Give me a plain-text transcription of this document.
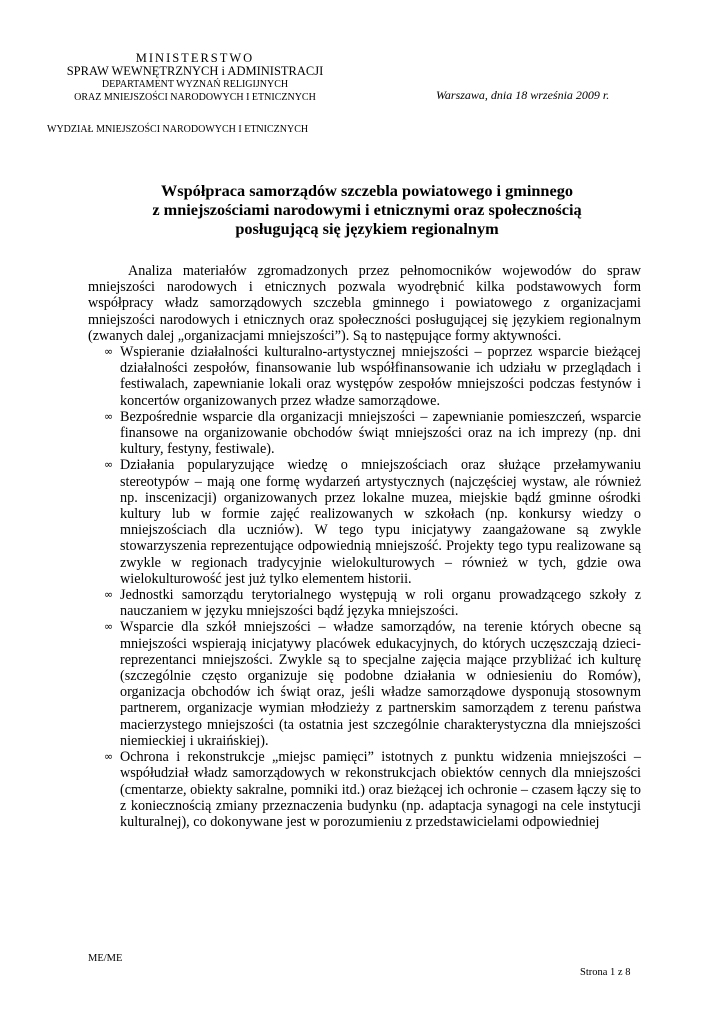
MINISTERSTWO
SPRAW WEWNĘTRZNYCH i ADMINISTRACJI
DEPARTAMENT WYZNAŃ RELIGIJNYCH
ORAZ MNIEJSZOŚCI NARODOWYCH I ETNICZNYCH	Warszawa, dnia 18 września 2009 r.
WYDZIAŁ MNIEJSZOŚCI NARODOWYCH I ETNICZNYCH
Współpraca samorządów szczebla powiatowego i gminnego
z mniejszościami narodowymi i etnicznymi oraz społecznością
posługującą się językiem regionalnym

Analiza materiałów zgromadzonych przez pełnomocników wojewodów do spraw mniejszości narodowych i etnicznych pozwala wyodrębnić kilka podstawowych form współpracy władz samorządowych szczebla gminnego i powiatowego z organizacjami mniejszości narodowych i etnicznych oraz społeczności posługującej się językiem regionalnym (zwanych dalej „organizacjami mniejszości”). Są to następujące formy aktywności.

∞ Wspieranie działalności kulturalno-artystycznej mniejszości – poprzez wsparcie bieżącej działalności zespołów, finansowanie lub współfinansowanie ich udziału w przeglądach i festiwalach, zapewnianie lokali oraz występów zespołów mniejszości podczas festynów i koncertów organizowanych przez władze samorządowe.
∞ Bezpośrednie wsparcie dla organizacji mniejszości – zapewnianie pomieszczeń, wsparcie finansowe na organizowanie obchodów świąt mniejszości oraz na ich imprezy (np. dni kultury, festyny, festiwale).
∞ Działania popularyzujące wiedzę o mniejszościach oraz służące przełamywaniu stereotypów – mają one formę wydarzeń artystycznych (najczęściej wystaw, ale również np. inscenizacji) organizowanych przez lokalne muzea, miejskie bądź gminne ośrodki kultury lub w formie zajęć realizowanych w szkołach (np. konkursy wiedzy o mniejszościach dla uczniów). W tego typu inicjatywy zaangażowane są zwykle stowarzyszenia reprezentujące odpowiednią mniejszość. Projekty tego typu realizowane są zwykle w regionach tradycyjnie wielokulturowych – również w tych, gdzie owa wielokulturowość jest już tylko elementem historii.
∞ Jednostki samorządu terytorialnego występują w roli organu prowadzącego szkoły z nauczaniem w języku mniejszości bądź języka mniejszości.
∞ Wsparcie dla szkół mniejszości – władze samorządów, na terenie których obecne są mniejszości wspierają inicjatywy placówek edukacyjnych, do których uczęszczają dzieci-reprezentanci mniejszości. Zwykle są to specjalne zajęcia mające przybliżać ich kulturę (szczególnie często organizuje się podobne działania w odniesieniu do Romów), organizacja obchodów ich świąt oraz, jeśli władze samorządowe dysponują stosownym partnerem, organizacje wymian młodzieży z partnerskim samorządem z terenu państwa macierzystego mniejszości (ta ostatnia jest szczególnie charakterystyczna dla mniejszości niemieckiej i ukraińskiej).
∞ Ochrona i rekonstrukcje „miejsc pamięci” istotnych z punktu widzenia mniejszości – współudział władz samorządowych w rekonstrukcjach obiektów cennych dla mniejszości (cmentarze, obiekty sakralne, pomniki itd.) oraz bieżącej ich ochronie – czasem łączy się to z koniecznością zmiany przeznaczenia budynku (np. adaptacja synagogi na cele instytucji kulturalnej), co dokonywane jest w porozumieniu z przedstawicielami odpowiedniej
ME/ME
Strona 1 z 8
